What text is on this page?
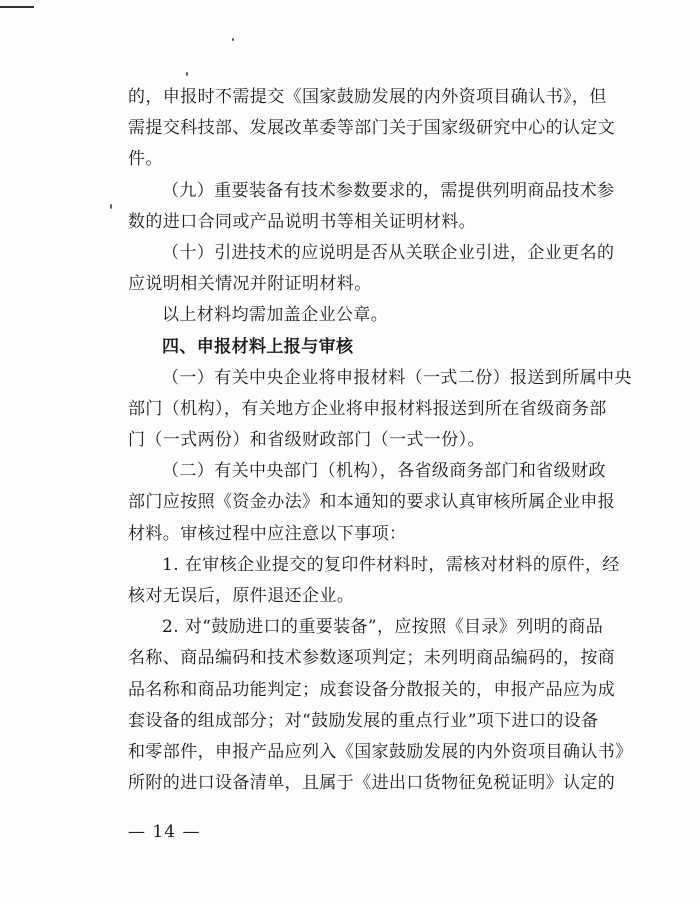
的，申报时不需提交《国家鼓励发展的内外资项目确认书》，但
需提交科技部、发展改革委等部门关于国家级研究中心的认定文
件。
（九）重要装备有技术参数要求的，需提供列明商品技术参
数的进口合同或产品说明书等相关证明材料。
（十）引进技术的应说明是否从关联企业引进，企业更名的
应说明相关情况并附证明材料。
以上材料均需加盖企业公章。
四、申报材料上报与审核
（一）有关中央企业将申报材料（一式二份）报送到所属中央
部门（机构），有关地方企业将申报材料报送到所在省级商务部
门（一式两份）和省级财政部门（一式一份）。
（二）有关中央部门（机构），各省级商务部门和省级财政
部门应按照《资金办法》和本通知的要求认真审核所属企业申报
材料。审核过程中应注意以下事项：
1. 在审核企业提交的复印件材料时，需核对材料的原件，经
核对无误后，原件退还企业。
2. 对“鼓励进口的重要装备”，应按照《目录》列明的商品
名称、商品编码和技术参数逐项判定；未列明商品编码的，按商
品名称和商品功能判定；成套设备分散报关的，申报产品应为成
套设备的组成部分；对“鼓励发展的重点行业”项下进口的设备
和零部件，申报产品应列入《国家鼓励发展的内外资项目确认书》
所附的进口设备清单，且属于《进出口货物征免税证明》认定的
— 14 —
